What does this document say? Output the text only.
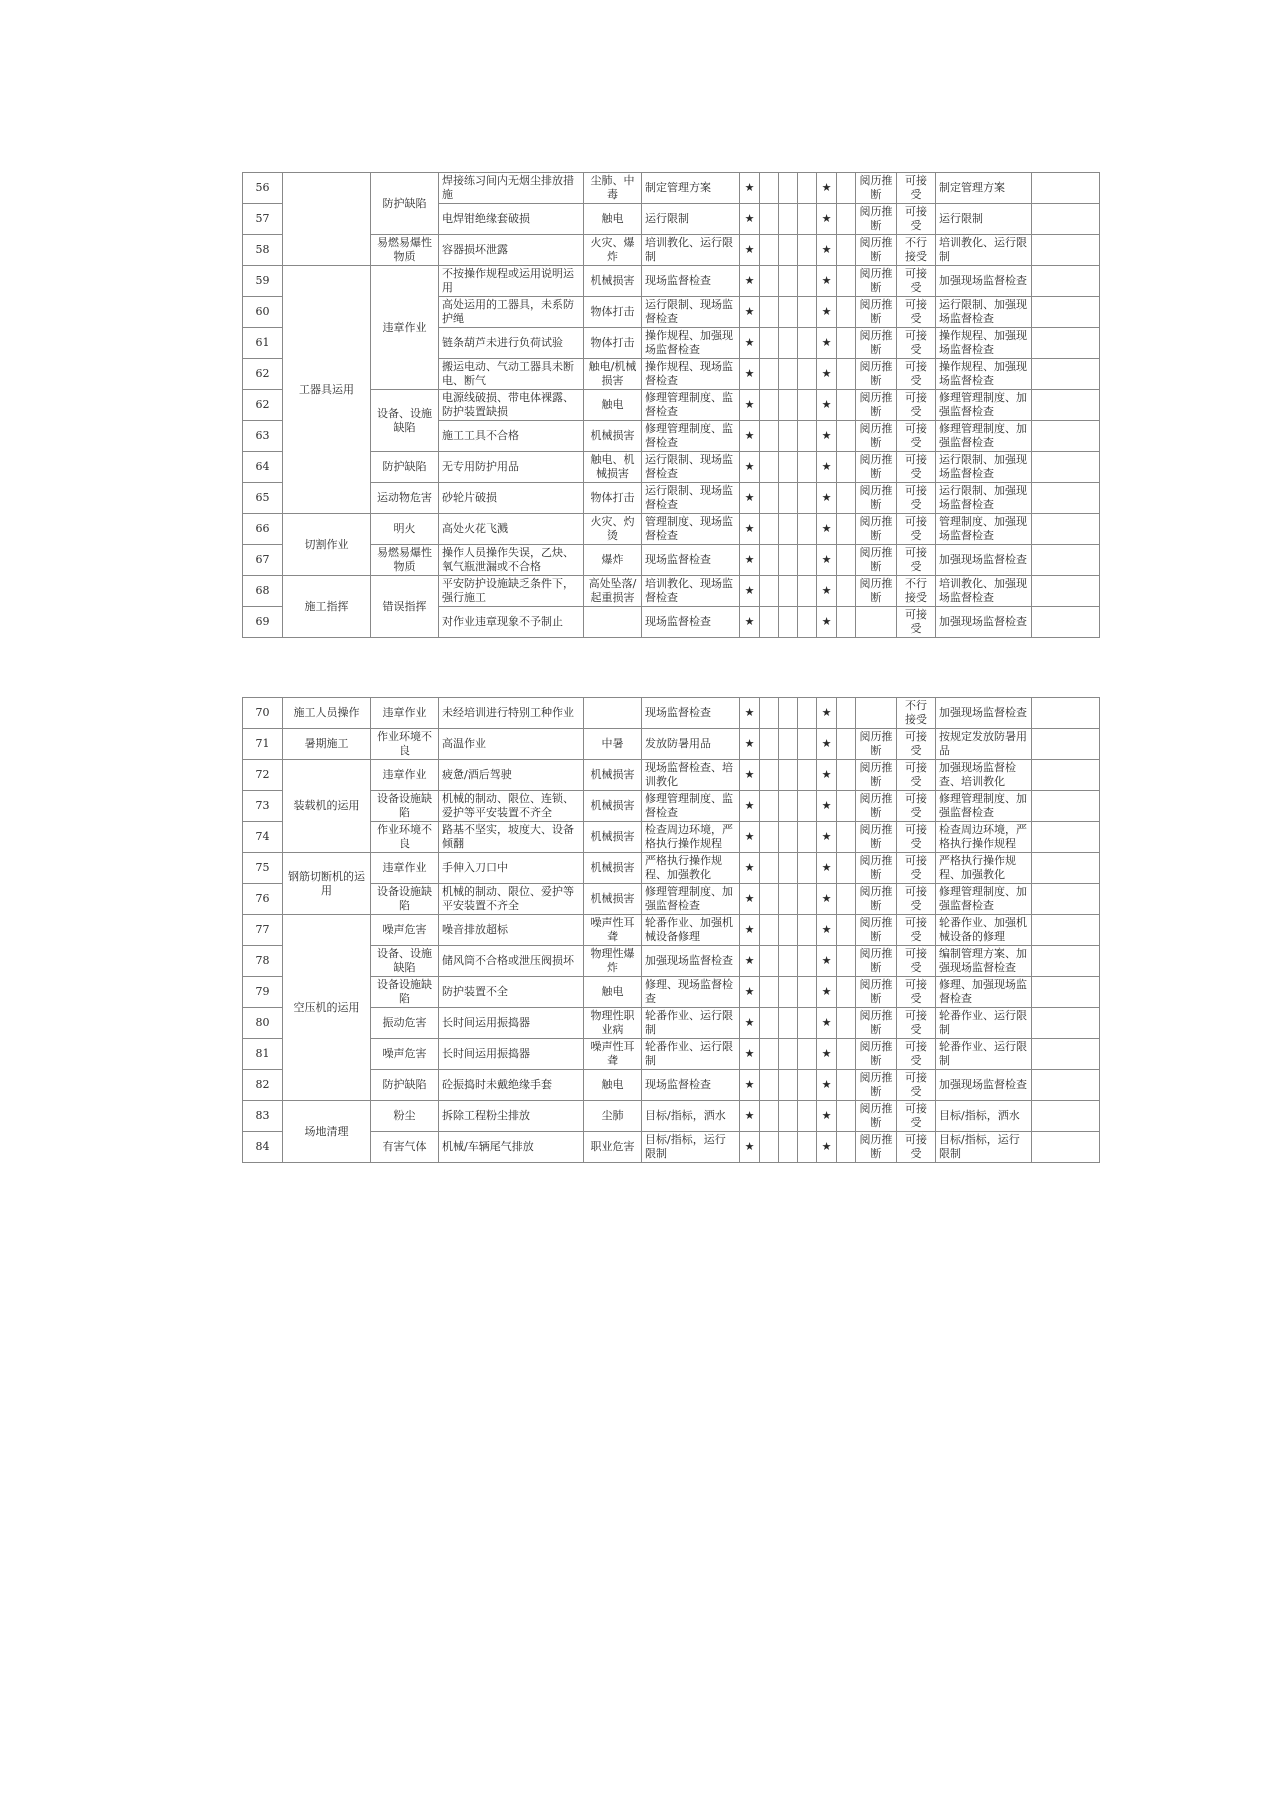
56		防护缺陷	焊接练习间内无烟尘排放措施	尘肺、中毒	制定管理方案	★				★		阅历推断	可接受	制定管理方案	
57			电焊钳绝缘套破损	触电	运行限制	★				★		阅历推断	可接受	运行限制	
58		易燃易爆性物质	容器损坏泄露	火灾、爆炸	培训教化、运行限制	★				★		阅历推断	不行接受	培训教化、运行限制	
59	工器具运用	违章作业	不按操作规程或运用说明运用	机械损害	现场监督检查	★				★		阅历推断	可接受	加强现场监督检查	
60			高处运用的工器具，未系防护绳	物体打击	运行限制、现场监督检查	★				★		阅历推断	可接受	运行限制、加强现场监督检查	
61			链条葫芦未进行负荷试验	物体打击	操作规程、加强现场监督检查	★				★		阅历推断	可接受	操作规程、加强现场监督检查	
62			搬运电动、气动工器具未断电、断气	触电/机械损害	操作规程、现场监督检查	★				★		阅历推断	可接受	操作规程、加强现场监督检查	
62		设备、设施缺陷	电源线破损、带电体裸露、防护装置缺损	触电	修理管理制度、监督检查	★				★		阅历推断	可接受	修理管理制度、加强监督检查	
63			施工工具不合格	机械损害	修理管理制度、监督检查	★				★		阅历推断	可接受	修理管理制度、加强监督检查	
64		防护缺陷	无专用防护用品	触电、机械损害	运行限制、现场监督检查	★				★		阅历推断	可接受	运行限制、加强现场监督检查	
65		运动物危害	砂轮片破损	物体打击	运行限制、现场监督检查	★				★		阅历推断	可接受	运行限制、加强现场监督检查	
66	切割作业	明火	高处火花飞溅	火灾、灼烫	管理制度、现场监督检查	★				★		阅历推断	可接受	管理制度、加强现场监督检查	
67		易燃易爆性物质	操作人员操作失误，乙炔、氧气瓶泄漏或不合格	爆炸	现场监督检查	★				★		阅历推断	可接受	加强现场监督检查	
68	施工指挥	错误指挥	平安防护设施缺乏条件下，强行施工	高处坠落/起重损害	培训教化、现场监督检查	★				★		阅历推断	不行接受	培训教化、加强现场监督检查	
69			对作业违章现象不予制止		现场监督检查	★				★			可接受	加强现场监督检查	
70	施工人员操作	违章作业	未经培训进行特别工种作业		现场监督检查	★				★			不行接受	加强现场监督检查	
71	暑期施工	作业环境不良	高温作业	中暑	发放防暑用品	★				★		阅历推断	可接受	按规定发放防暑用品	
72	装载机的运用	违章作业	疲惫/酒后驾驶	机械损害	现场监督检查、培训教化	★				★		阅历推断	可接受	加强现场监督检查、培训教化	
73		设备设施缺陷	机械的制动、限位、连锁、爱护等平安装置不齐全	机械损害	修理管理制度、监督检查	★				★		阅历推断	可接受	修理管理制度、加强监督检查	
74		作业环境不良	路基不坚实，坡度大、设备倾翻	机械损害	检查周边环境，严格执行操作规程	★				★		阅历推断	可接受	检查周边环境，严格执行操作规程	
75	钢筋切断机的运用	违章作业	手伸入刀口中	机械损害	严格执行操作规程、加强教化	★				★		阅历推断	可接受	严格执行操作规程、加强教化	
76		设备设施缺陷	机械的制动、限位、爱护等平安装置不齐全	机械损害	修理管理制度、加强监督检查	★				★		阅历推断	可接受	修理管理制度、加强监督检查	
77	空压机的运用	噪声危害	噪音排放超标	噪声性耳聋	轮番作业、加强机械设备修理	★				★		阅历推断	可接受	轮番作业、加强机械设备的修理	
78		设备、设施缺陷	储风筒不合格或泄压阀损坏	物理性爆炸	加强现场监督检查	★				★		阅历推断	可接受	编制管理方案、加强现场监督检查	
79		设备设施缺陷	防护装置不全	触电	修理、现场监督检查	★				★		阅历推断	可接受	修理、加强现场监督检查	
80		振动危害	长时间运用振捣器	物理性职业病	轮番作业、运行限制	★				★		阅历推断	可接受	轮番作业、运行限制	
81		噪声危害	长时间运用振捣器	噪声性耳聋	轮番作业、运行限制	★				★		阅历推断	可接受	轮番作业、运行限制	
82		防护缺陷	砼振捣时未戴绝缘手套	触电	现场监督检查	★				★		阅历推断	可接受	加强现场监督检查	
83	场地清理	粉尘	拆除工程粉尘排放	尘肺	目标/指标，洒水	★				★		阅历推断	可接受	目标/指标，洒水	
84		有害气体	机械/车辆尾气排放	职业危害	目标/指标，运行限制	★				★		阅历推断	可接受	目标/指标，运行限制	
